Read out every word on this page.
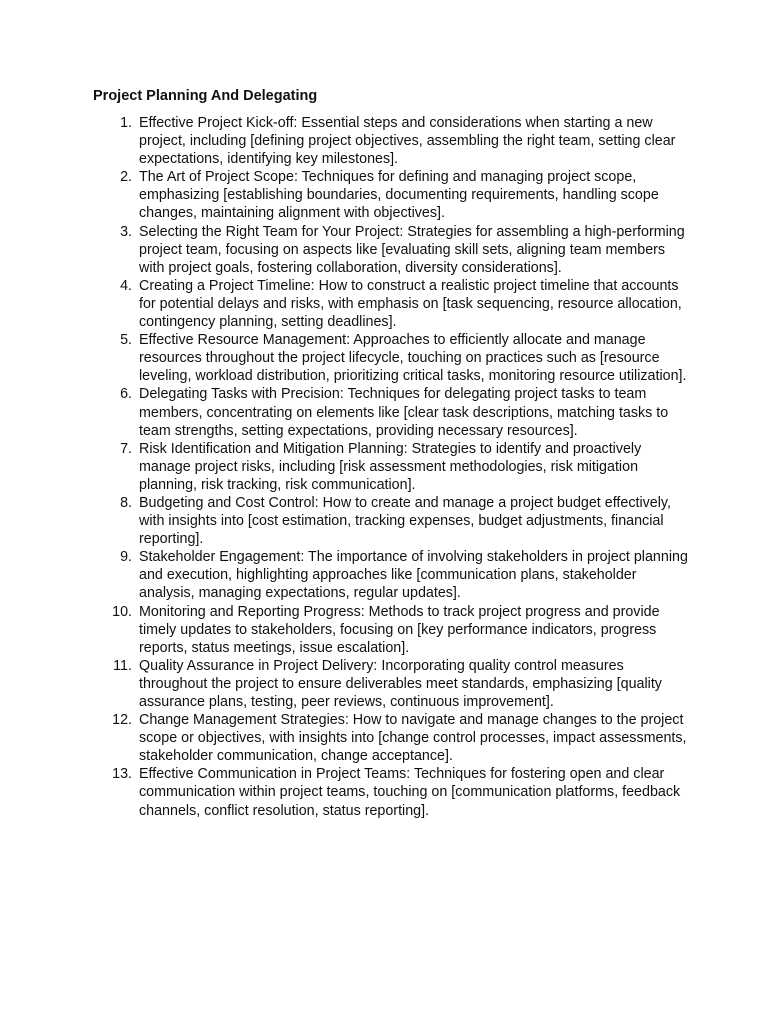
Project Planning And Delegating
1. Effective Project Kick-off: Essential steps and considerations when starting a new project, including [defining project objectives, assembling the right team, setting clear expectations, identifying key milestones].
2. The Art of Project Scope: Techniques for defining and managing project scope, emphasizing [establishing boundaries, documenting requirements, handling scope changes, maintaining alignment with objectives].
3. Selecting the Right Team for Your Project: Strategies for assembling a high-performing project team, focusing on aspects like [evaluating skill sets, aligning team members with project goals, fostering collaboration, diversity considerations].
4. Creating a Project Timeline: How to construct a realistic project timeline that accounts for potential delays and risks, with emphasis on [task sequencing, resource allocation, contingency planning, setting deadlines].
5. Effective Resource Management: Approaches to efficiently allocate and manage resources throughout the project lifecycle, touching on practices such as [resource leveling, workload distribution, prioritizing critical tasks, monitoring resource utilization].
6. Delegating Tasks with Precision: Techniques for delegating project tasks to team members, concentrating on elements like [clear task descriptions, matching tasks to team strengths, setting expectations, providing necessary resources].
7. Risk Identification and Mitigation Planning: Strategies to identify and proactively manage project risks, including [risk assessment methodologies, risk mitigation planning, risk tracking, risk communication].
8. Budgeting and Cost Control: How to create and manage a project budget effectively, with insights into [cost estimation, tracking expenses, budget adjustments, financial reporting].
9. Stakeholder Engagement: The importance of involving stakeholders in project planning and execution, highlighting approaches like [communication plans, stakeholder analysis, managing expectations, regular updates].
10. Monitoring and Reporting Progress: Methods to track project progress and provide timely updates to stakeholders, focusing on [key performance indicators, progress reports, status meetings, issue escalation].
11. Quality Assurance in Project Delivery: Incorporating quality control measures throughout the project to ensure deliverables meet standards, emphasizing [quality assurance plans, testing, peer reviews, continuous improvement].
12. Change Management Strategies: How to navigate and manage changes to the project scope or objectives, with insights into [change control processes, impact assessments, stakeholder communication, change acceptance].
13. Effective Communication in Project Teams: Techniques for fostering open and clear communication within project teams, touching on [communication platforms, feedback channels, conflict resolution, status reporting].
